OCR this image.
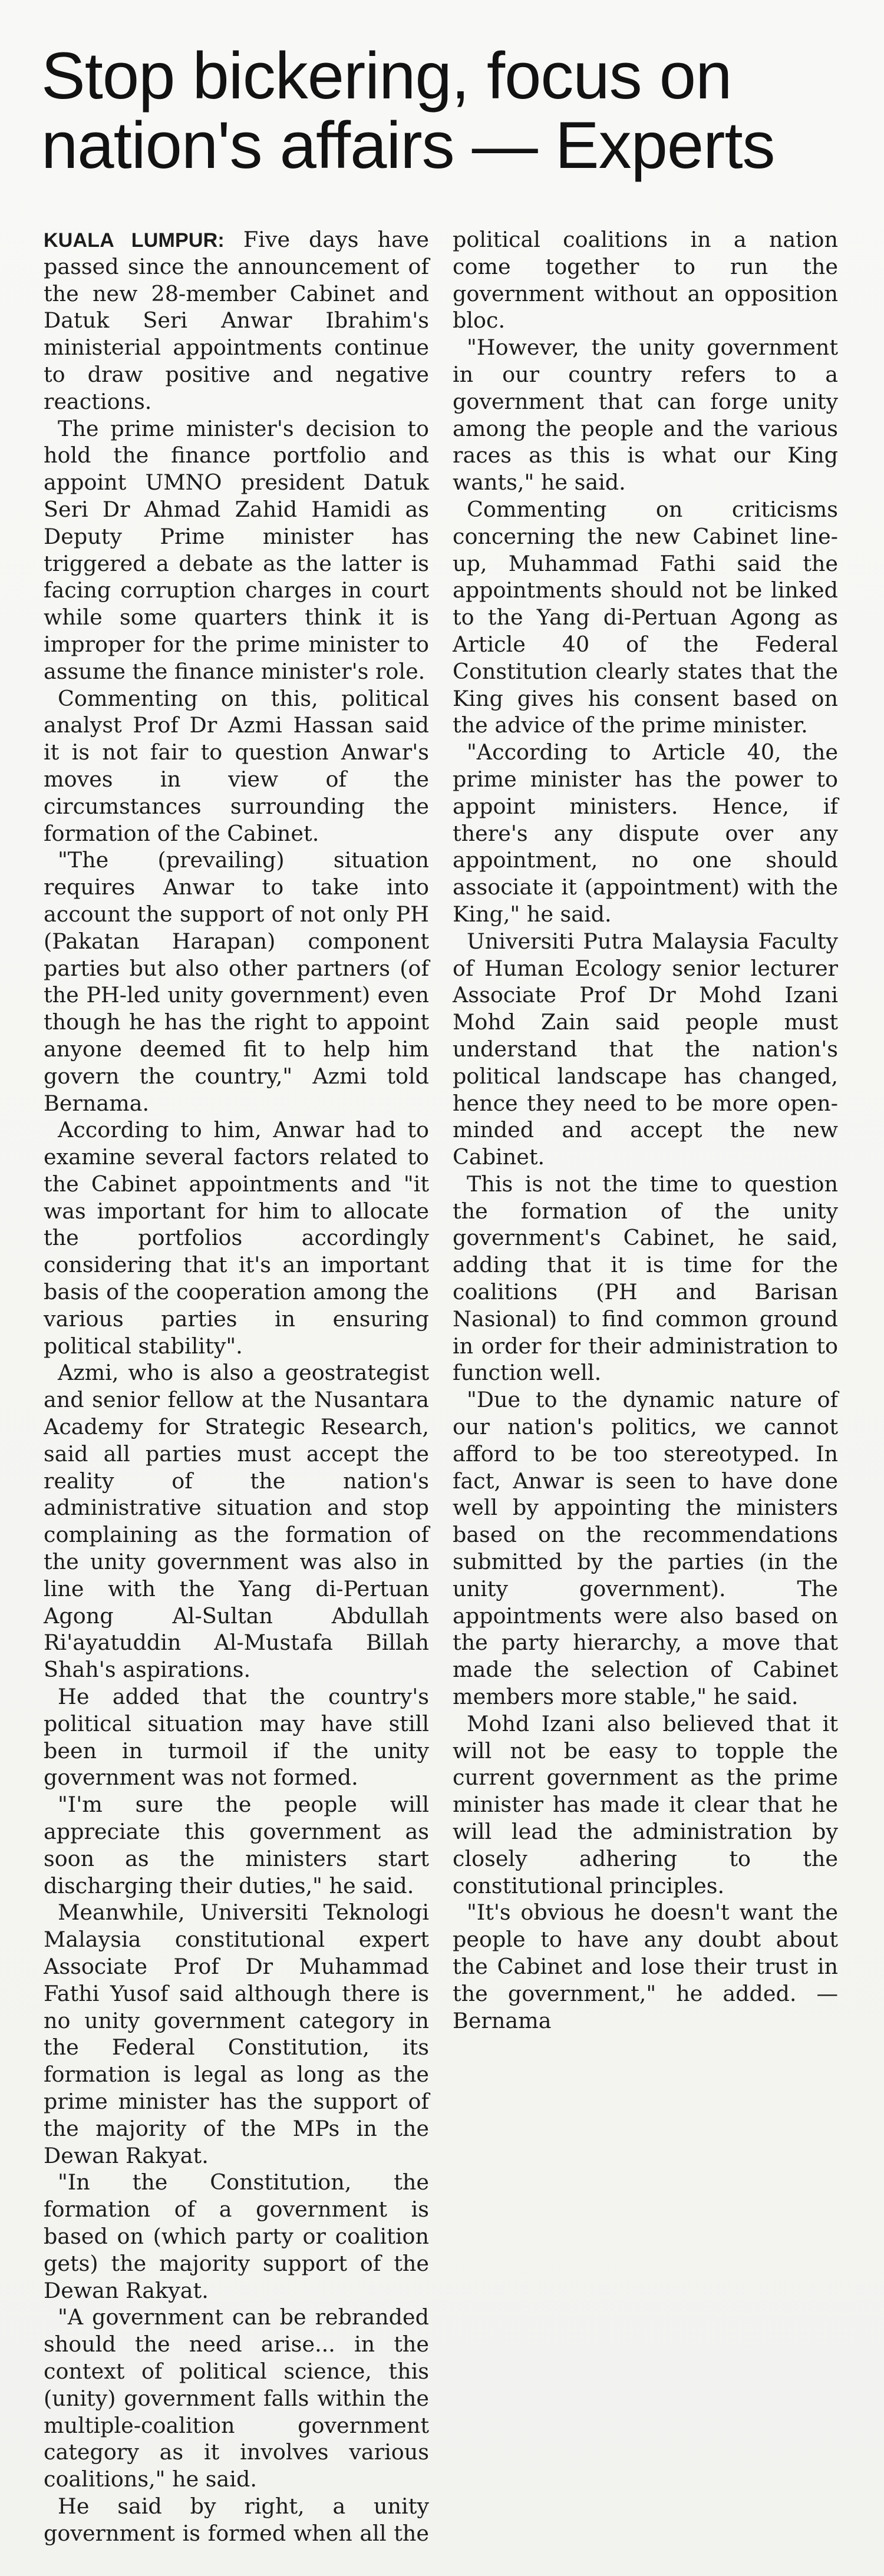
Stop bickering, focus on nation's affairs — Experts

KUALA LUMPUR: Five days have passed since the announcement of the new 28-member Cabinet and Datuk Seri Anwar Ibrahim's ministerial appointments continue to draw positive and negative reactions.

The prime minister's decision to hold the finance portfolio and appoint UMNO president Datuk Seri Dr Ahmad Zahid Hamidi as Deputy Prime minister has triggered a debate as the latter is facing corruption charges in court while some quarters think it is improper for the prime minister to assume the finance minister's role.

Commenting on this, political analyst Prof Dr Azmi Hassan said it is not fair to question Anwar's moves in view of the circumstances surrounding the formation of the Cabinet.

"The (prevailing) situation requires Anwar to take into account the support of not only PH (Pakatan Harapan) component parties but also other partners (of the PH-led unity government) even though he has the right to appoint anyone deemed fit to help him govern the country," Azmi told Bernama.

According to him, Anwar had to examine several factors related to the Cabinet appointments and "it was important for him to allocate the portfolios accordingly considering that it's an important basis of the cooperation among the various parties in ensuring political stability".

Azmi, who is also a geostrategist and senior fellow at the Nusantara Academy for Strategic Research, said all parties must accept the reality of the nation's administrative situation and stop complaining as the formation of the unity government was also in line with the Yang di-Pertuan Agong Al-Sultan Abdullah Ri'ayatuddin Al-Mustafa Billah Shah's aspirations.

He added that the country's political situation may have still been in turmoil if the unity government was not formed.

"I'm sure the people will appreciate this government as soon as the ministers start discharging their duties," he said.

Meanwhile, Universiti Teknologi Malaysia constitutional expert Associate Prof Dr Muhammad Fathi Yusof said although there is no unity government category in the Federal Constitution, its formation is legal as long as the prime minister has the support of the majority of the MPs in the Dewan Rakyat.

"In the Constitution, the formation of a government is based on (which party or coalition gets) the majority support of the Dewan Rakyat.

"A government can be rebranded should the need arise... in the context of political science, this (unity) government falls within the multiple-coalition government category as it involves various coalitions," he said.

He said by right, a unity government is formed when all the political coalitions in a nation come together to run the government without an opposition bloc.

"However, the unity government in our country refers to a government that can forge unity among the people and the various races as this is what our King wants," he said.

Commenting on criticisms concerning the new Cabinet line-up, Muhammad Fathi said the appointments should not be linked to the Yang di-Pertuan Agong as Article 40 of the Federal Constitution clearly states that the King gives his consent based on the advice of the prime minister.

"According to Article 40, the prime minister has the power to appoint ministers. Hence, if there's any dispute over any appointment, no one should associate it (appointment) with the King," he said.

Universiti Putra Malaysia Faculty of Human Ecology senior lecturer Associate Prof Dr Mohd Izani Mohd Zain said people must understand that the nation's political landscape has changed, hence they need to be more open-minded and accept the new Cabinet.

This is not the time to question the formation of the unity government's Cabinet, he said, adding that it is time for the coalitions (PH and Barisan Nasional) to find common ground in order for their administration to function well.

"Due to the dynamic nature of our nation's politics, we cannot afford to be too stereotyped. In fact, Anwar is seen to have done well by appointing the ministers based on the recommendations submitted by the parties (in the unity government). The appointments were also based on the party hierarchy, a move that made the selection of Cabinet members more stable," he said.

Mohd Izani also believed that it will not be easy to topple the current government as the prime minister has made it clear that he will lead the administration by closely adhering to the constitutional principles.

"It's obvious he doesn't want the people to have any doubt about the Cabinet and lose their trust in the government," he added. — Bernama
